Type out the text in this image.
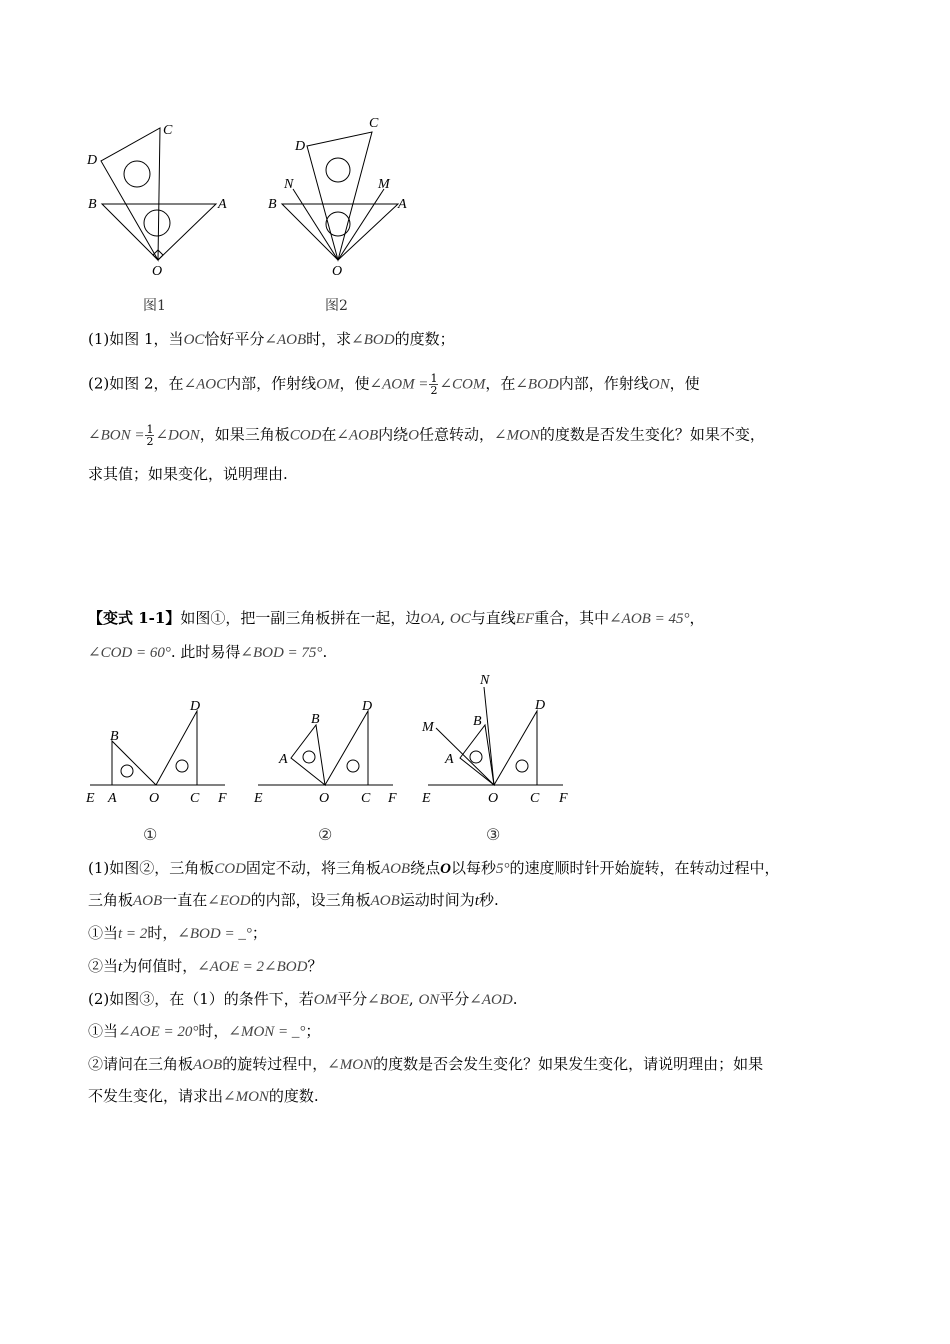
C
D
B	A
O
图1
C
D
N	M
B	A
O
图2
(1)如图 1，当OC恰好平分∠AOB时，求∠BOD的度数；
(2)如图 2，在∠AOC内部，作射线OM，使∠AOM = $\frac{1}{2}$ ∠COM，在∠BOD内部，作射线ON，使
∠BON = $\frac{1}{2}$ ∠DON，如果三角板COD在∠AOB内绕O任意转动，∠MON的度数是否发生变化？如果不变，
求其值；如果变化，说明理由.
【变式 1-1】如图①，把一副三角板拼在一起，边OA, OC与直线EF重合，其中∠AOB = 45°，
∠COD = 60°. 此时易得∠BOD = 75°.
D
B
E A O C F
①
D
B
A
E	O C F
②
N
D
M	B
A
E	O C F
③
(1)如图②，三角板COD固定不动，将三角板AOB绕点O以每秒5°的速度顺时针开始旋转，在转动过程中，
三角板AOB一直在∠EOD的内部，设三角板AOB运动时间为t秒.
①当t = 2时，∠BOD = _°；
②当t为何值时，∠AOE = 2∠BOD？
(2)如图③，在（1）的条件下，若OM平分∠BOE, ON平分∠AOD.
①当∠AOE = 20°时，∠MON = _°；
②请问在三角板AOB的旋转过程中，∠MON的度数是否会发生变化？如果发生变化，请说明理由；如果
不发生变化，请求出∠MON的度数.
